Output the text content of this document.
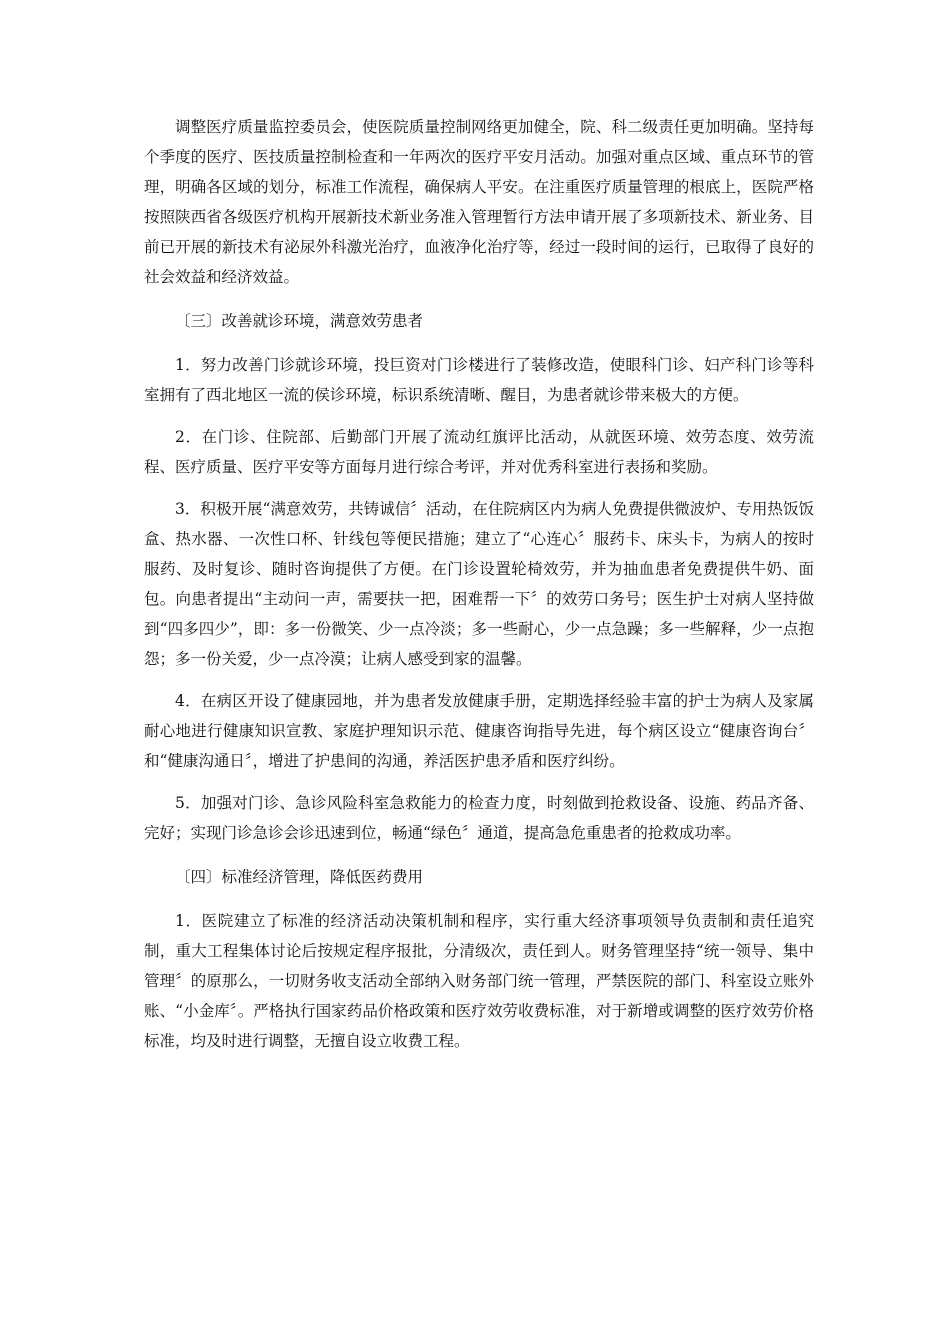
调整医疗质量监控委员会，使医院质量控制网络更加健全，院、科二级责任更加明确。坚持每个季度的医疗、医技质量控制检查和一年两次的医疗平安月活动。加强对重点区域、重点环节的管理，明确各区域的划分，标准工作流程，确保病人平安。在注重医疗质量管理的根底上，医院严格按照陕西省各级医疗机构开展新技术新业务准入管理暂行方法申请开展了多项新技术、新业务、目前已开展的新技术有泌尿外科激光治疗，血液净化治疗等，经过一段时间的运行，已取得了良好的社会效益和经济效益。

〔三〕改善就诊环境，满意效劳患者

1．努力改善门诊就诊环境，投巨资对门诊楼进行了装修改造，使眼科门诊、妇产科门诊等科室拥有了西北地区一流的侯诊环境，标识系统清晰、醒目，为患者就诊带来极大的方便。

2．在门诊、住院部、后勤部门开展了流动红旗评比活动，从就医环境、效劳态度、效劳流程、医疗质量、医疗平安等方面每月进行综合考评，并对优秀科室进行表扬和奖励。

3．积极开展“满意效劳，共铸诚信〞活动，在住院病区内为病人免费提供微波炉、专用热饭饭盒、热水器、一次性口杯、针线包等便民措施；建立了“心连心〞服药卡、床头卡，为病人的按时服药、及时复诊、随时咨询提供了方便。在门诊设置轮椅效劳，并为抽血患者免费提供牛奶、面包。向患者提出“主动问一声，需要扶一把，困难帮一下〞的效劳口务号；医生护士对病人坚持做到“四多四少”，即：多一份微笑、少一点冷淡；多一些耐心，少一点急躁；多一些解释，少一点抱怨；多一份关爱，少一点冷漠；让病人感受到家的温馨。

4．在病区开设了健康园地，并为患者发放健康手册，定期选择经验丰富的护士为病人及家属耐心地进行健康知识宣教、家庭护理知识示范、健康咨询指导先进，每个病区设立“健康咨询台〞和“健康沟通日〞，增进了护患间的沟通，养活医护患矛盾和医疗纠纷。

5．加强对门诊、急诊风险科室急救能力的检查力度，时刻做到抢救设备、设施、药品齐备、完好；实现门诊急诊会诊迅速到位，畅通“绿色〞通道，提高急危重患者的抢救成功率。

〔四〕标准经济管理，降低医药费用

1．医院建立了标准的经济活动决策机制和程序，实行重大经济事项领导负责制和责任追究制，重大工程集体讨论后按规定程序报批，分清级次，责任到人。财务管理坚持“统一领导、集中管理〞的原那么，一切财务收支活动全部纳入财务部门统一管理，严禁医院的部门、科室设立账外账、“小金库〞。严格执行国家药品价格政策和医疗效劳收费标准，对于新增或调整的医疗效劳价格标准，均及时进行调整，无擅自设立收费工程。
